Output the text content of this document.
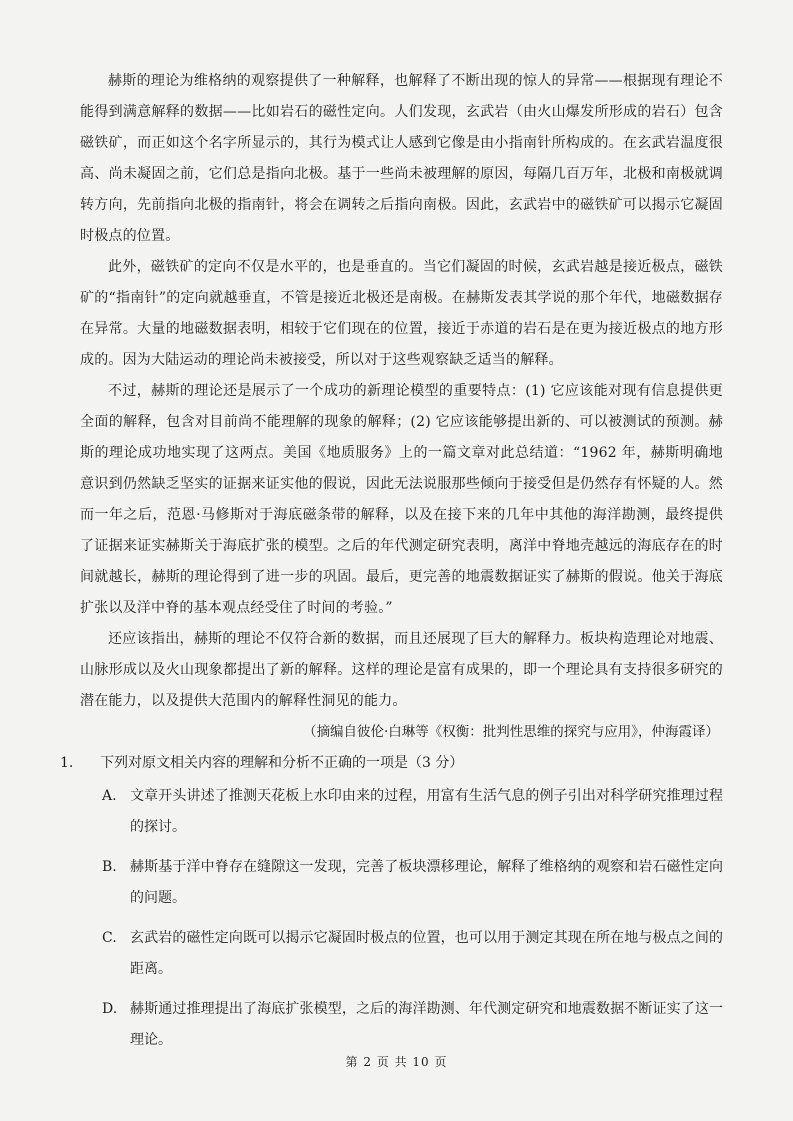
赫斯的理论为维格纳的观察提供了一种解释，也解释了不断出现的惊人的异常——根据现有理论不能得到满意解释的数据——比如岩石的磁性定向。人们发现，玄武岩（由火山爆发所形成的岩石）包含磁铁矿，而正如这个名字所显示的，其行为模式让人感到它像是由小指南针所构成的。在玄武岩温度很高、尚未凝固之前，它们总是指向北极。基于一些尚未被理解的原因，每隔几百万年，北极和南极就调转方向，先前指向北极的指南针，将会在调转之后指向南极。因此，玄武岩中的磁铁矿可以揭示它凝固时极点的位置。

此外，磁铁矿的定向不仅是水平的，也是垂直的。当它们凝固的时候，玄武岩越是接近极点，磁铁矿的“指南针”的定向就越垂直，不管是接近北极还是南极。在赫斯发表其学说的那个年代，地磁数据存在异常。大量的地磁数据表明，相较于它们现在的位置，接近于赤道的岩石是在更为接近极点的地方形成的。因为大陆运动的理论尚未被接受，所以对于这些观察缺乏适当的解释。

不过，赫斯的理论还是展示了一个成功的新理论模型的重要特点：(1) 它应该能对现有信息提供更全面的解释，包含对目前尚不能理解的现象的解释；(2) 它应该能够提出新的、可以被测试的预测。赫斯的理论成功地实现了这两点。美国《地质服务》上的一篇文章对此总结道：“1962 年，赫斯明确地意识到仍然缺乏坚实的证据来证实他的假说，因此无法说服那些倾向于接受但是仍然存有怀疑的人。然而一年之后，范恩·马修斯对于海底磁条带的解释，以及在接下来的几年中其他的海洋勘测，最终提供了证据来证实赫斯关于海底扩张的模型。之后的年代测定研究表明，离洋中脊地壳越远的海底存在的时间就越长，赫斯的理论得到了进一步的巩固。最后，更完善的地震数据证实了赫斯的假说。他关于海底扩张以及洋中脊的基本观点经受住了时间的考验。”

还应该指出，赫斯的理论不仅符合新的数据，而且还展现了巨大的解释力。板块构造理论对地震、山脉形成以及火山现象都提出了新的解释。这样的理论是富有成果的，即一个理论具有支持很多研究的潜在能力，以及提供大范围内的解释性洞见的能力。

（摘编自彼伦·白琳等《权衡：批判性思维的探究与应用》，仲海霞译）

1. 下列对原文相关内容的理解和分析不正确的一项是（3 分）
A. 文章开头讲述了推测天花板上水印由来的过程，用富有生活气息的例子引出对科学研究推理过程的探讨。
B. 赫斯基于洋中脊存在缝隙这一发现，完善了板块漂移理论，解释了维格纳的观察和岩石磁性定向的问题。
C. 玄武岩的磁性定向既可以揭示它凝固时极点的位置，也可以用于测定其现在所在地与极点之间的距离。
D. 赫斯通过推理提出了海底扩张模型，之后的海洋勘测、年代测定研究和地震数据不断证实了这一理论。
第 2 页 共 10 页
